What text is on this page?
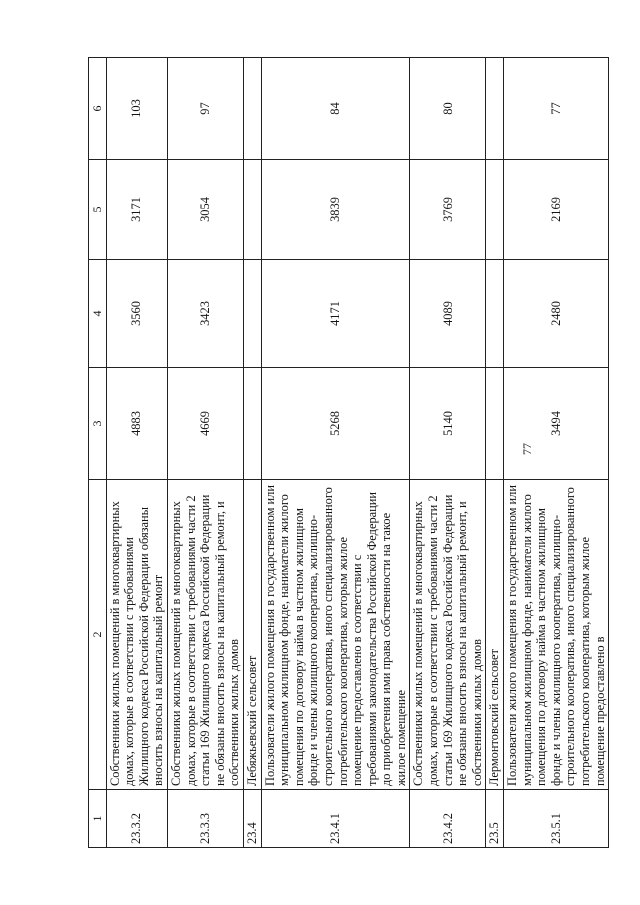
77
1	2	3	4	5	6
23.3.2	Собственники жилых помещений в многоквартирных домах, которые в соответствии с требованиями Жилищного кодекса Российской Федерации обязаны вносить взносы на капитальный ремонт	4883	3560	3171	103
23.3.3	Собственники жилых помещений в многоквартирных домах, которые в соответствии с требованиями части 2 статьи 169 Жилищного кодекса Российской Федерации не обязаны вносить взносы на капитальный ремонт, и собственники жилых домов	4669	3423	3054	97
23.4	Лебяжьевский сельсовет				
23.4.1	Пользователи жилого помещения в государственном или муниципальном жилищном фонде, наниматели жилого помещения по договору найма в частном жилищном фонде и члены жилищного кооператива, жилищно-строительного кооператива, иного специализированного потребительского кооператива, которым жилое помещение предоставлено в соответствии с требованиями законодательства Российской Федерации до приобретения ими права собственности на такое жилое помещение	5268	4171	3839	84
23.4.2	Собственники жилых помещений в многоквартирных домах, которые в соответствии с требованиями части 2 статьи 169 Жилищного кодекса Российской Федерации не обязаны вносить взносы на капитальный ремонт, и собственники жилых домов	5140	4089	3769	80
23.5	Лермонтовский сельсовет				
23.5.1	Пользователи жилого помещения в государственном или муниципальном жилищном фонде, наниматели жилого помещения по договору найма в частном жилищном фонде и члены жилищного кооператива, жилищно-строительного кооператива, иного специализированного потребительского кооператива, которым жилое помещение предоставлено в	3494	2480	2169	77
